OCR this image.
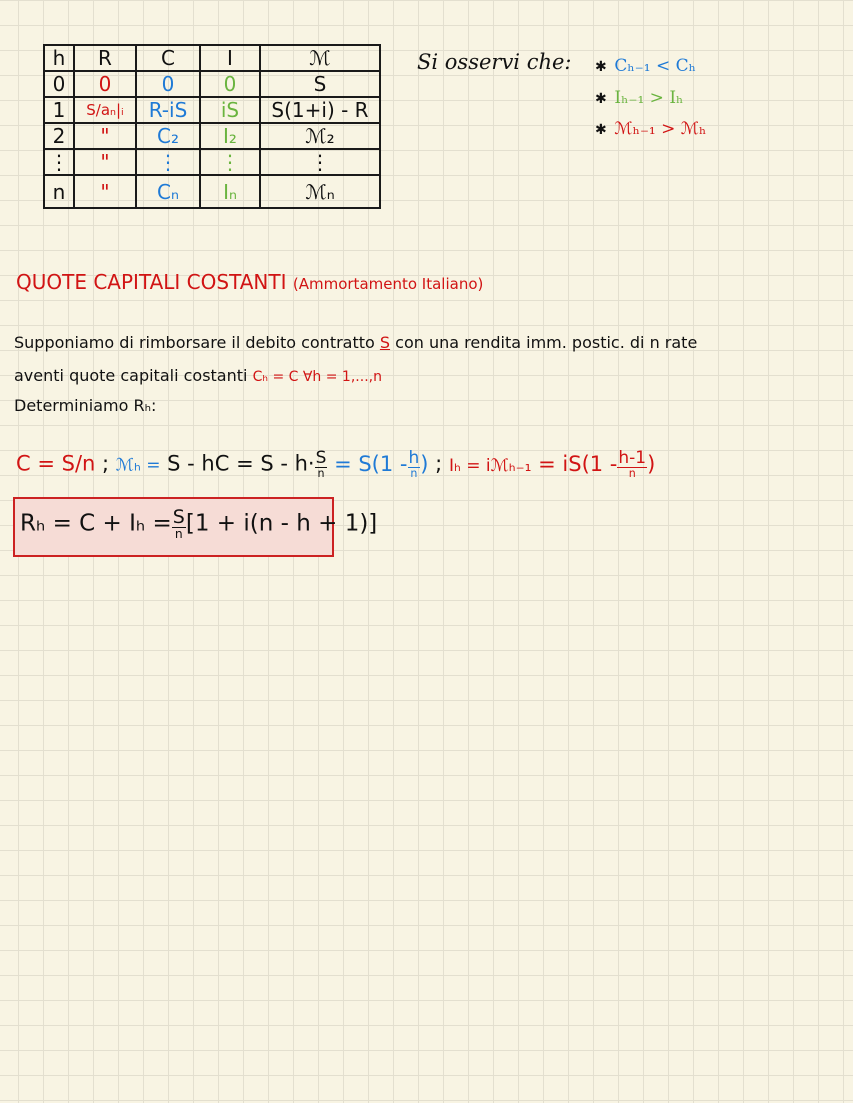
h	R	C	I	ℳ
0	0	0	0	S
1	S/aₙ|ᵢ	R-iS	iS	S(1+i) - R
2	"	C₂	I₂	ℳ₂
⋮	"	⋮	⋮	⋮
n	"	Cₙ	Iₙ	ℳₙ
Si osservi che: ✱ Cₕ₋₁ < Cₕ
✱ Iₕ₋₁ > Iₕ
✱ ℳₕ₋₁ > ℳₕ
QUOTE CAPITALI COSTANTI (Ammortamento Italiano)
Supponiamo di rimborsare il debito contratto S con una rendita imm. postic. di n rate
aventi quote capitali costanti Cₕ = C ∀h = 1,...,n
Determiniamo Rₕ:
C = S/n ; ℳₕ = S - hC = $S - h\cdot \frac{S}{n} = S(1 - \frac{h}{n}$ ) ; Iₕ = iℳₕ₋₁ = $iS(1 - \frac{h-1}{n}$ )
$R_h = C + I_h = \frac{S}{n} [1 + i(n - h + 1)]$
